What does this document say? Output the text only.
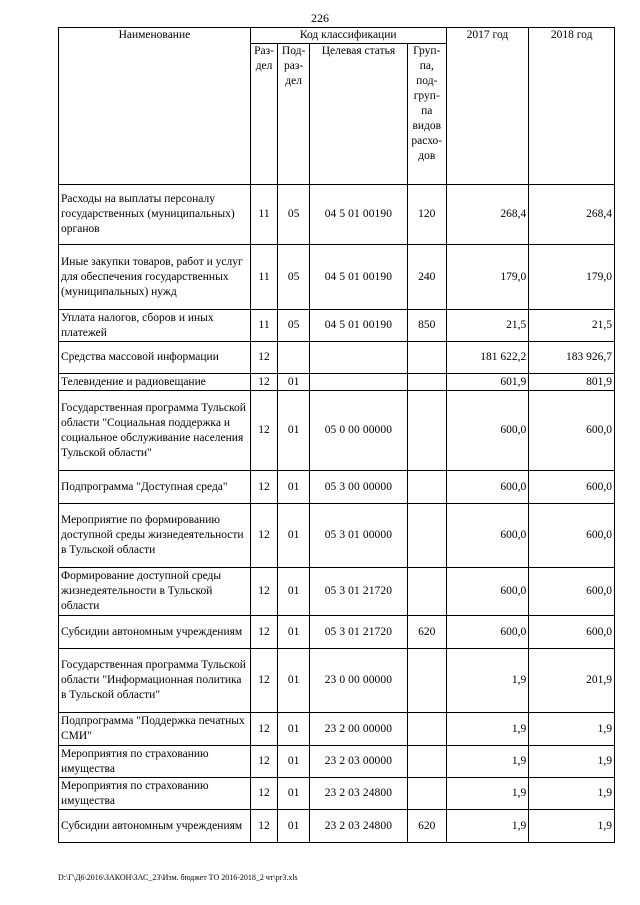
226
Наименование	Код классификации				2017 год	2018 год
	Раз- дел	Под- раз- дел	Целевая статья	Груп- па, под- груп- па видов расхо- дов		
Расходы на выплаты персоналу государственных (муниципальных) органов	11	05	04 5 01 00190	120	268,4	268,4
Иные закупки товаров, работ и услуг для обеспечения государственных (муниципальных) нужд	11	05	04 5 01 00190	240	179,0	179,0
Уплата налогов, сборов и иных платежей	11	05	04 5 01 00190	850	21,5	21,5
Средства массовой информации	12				181 622,2	183 926,7
Телевидение и радиовещание	12	01			601,9	801,9
Государственная программа Тульской области "Социальная поддержка и социальное обслуживание населения Тульской области"	12	01	05 0 00 00000		600,0	600,0
Подпрограмма "Доступная среда"	12	01	05 3 00 00000		600,0	600,0
Мероприятие по формированию доступной среды жизнедеятельности в Тульской области	12	01	05 3 01 00000		600,0	600,0
Формирование доступной среды жизнедеятельности в Тульской области	12	01	05 3 01 21720		600,0	600,0
Субсидии автономным учреждениям	12	01	05 3 01 21720	620	600,0	600,0
Государственная программа Тульской области "Информационная политика в Тульской области"	12	01	23 0 00 00000		1,9	201,9
Подпрограмма "Поддержка печатных СМИ"	12	01	23 2 00 00000		1,9	1,9
Мероприятия по страхованию имущества	12	01	23 2 03 00000		1,9	1,9
Мероприятия по страхованию имущества	12	01	23 2 03 24800		1,9	1,9
Субсидии автономным учреждениям	12	01	23 2 03 24800	620	1,9	1,9
D:\Г\Д6\2016\ЗАКОН\ЗАС_23\Изм. бюджет ТО 2016-2018_2 чт\рr3.xls
